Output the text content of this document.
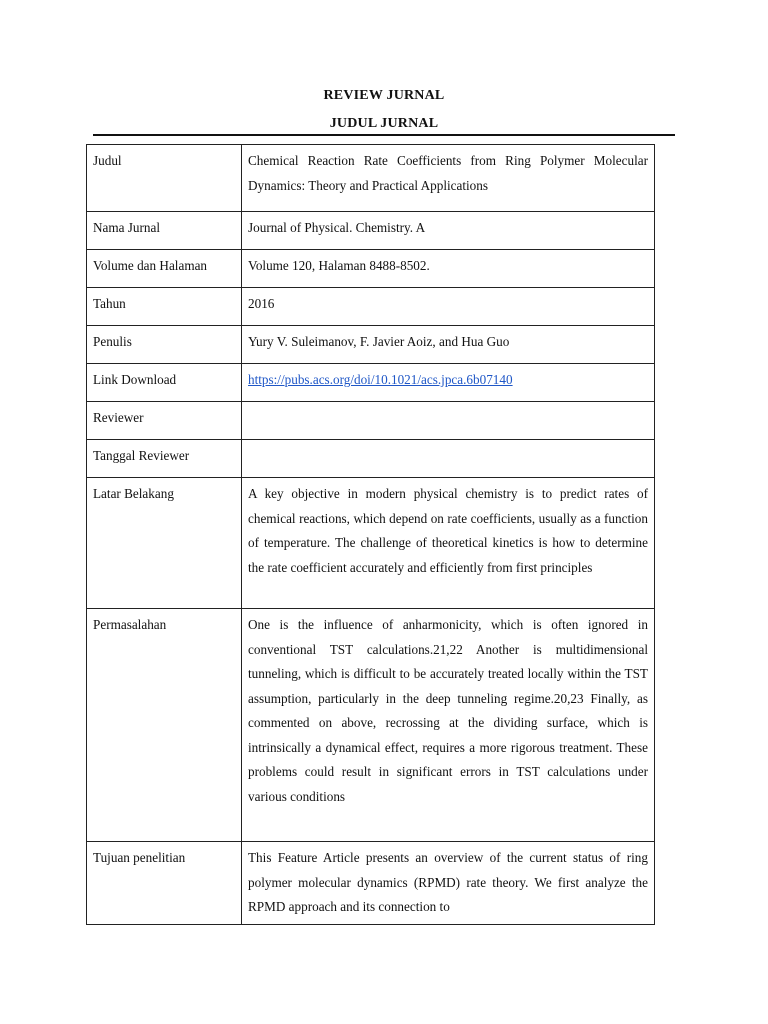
REVIEW JURNAL
JUDUL JURNAL
Judul	Chemical Reaction Rate Coefficients from Ring Polymer Molecular Dynamics: Theory and Practical Applications
Nama Jurnal	Journal of Physical. Chemistry. A
Volume dan Halaman	Volume 120, Halaman 8488-8502.
Tahun	2016
Penulis	Yury V. Suleimanov, F. Javier Aoiz, and Hua Guo
Link Download	https://pubs.acs.org/doi/10.1021/acs.jpca.6b07140
Reviewer	
Tanggal Reviewer	
Latar Belakang	A key objective in modern physical chemistry is to predict rates of chemical reactions, which depend on rate coefficients, usually as a function of temperature. The challenge of theoretical kinetics is how to determine the rate coefficient accurately and efficiently from first principles
Permasalahan	One is the influence of anharmonicity, which is often ignored in conventional TST calculations.21,22 Another is multidimensional tunneling, which is difficult to be accurately treated locally within the TST assumption, particularly in the deep tunneling regime.20,23 Finally, as commented on above, recrossing at the dividing surface, which is intrinsically a dynamical effect, requires a more rigorous treatment. These problems could result in significant errors in TST calculations under various conditions
Tujuan penelitian	This Feature Article presents an overview of the current status of ring polymer molecular dynamics (RPMD) rate theory. We first analyze the RPMD approach and its connection to
